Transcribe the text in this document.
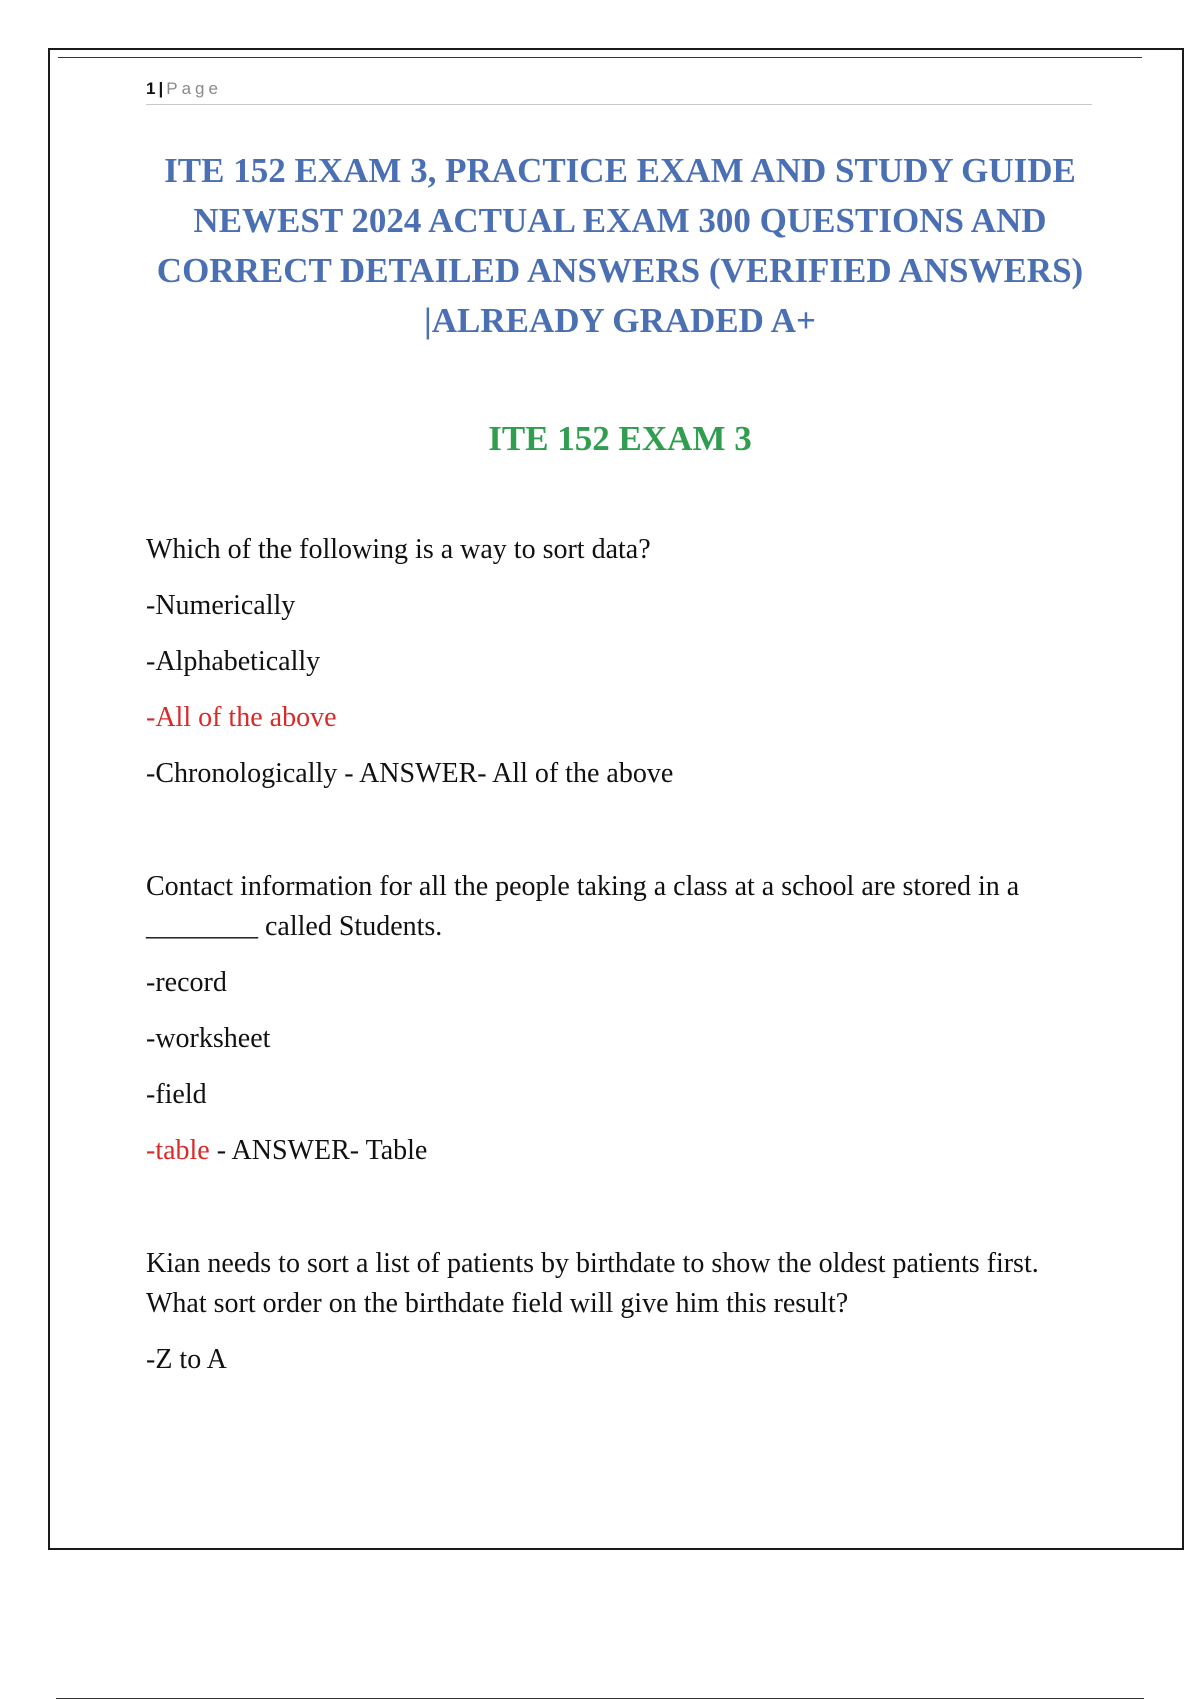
1 | Page
ITE 152 EXAM 3, PRACTICE EXAM AND STUDY GUIDE NEWEST 2024 ACTUAL EXAM 300 QUESTIONS AND CORRECT DETAILED ANSWERS (VERIFIED ANSWERS) |ALREADY GRADED A+
ITE 152 EXAM 3

Which of the following is a way to sort data?

-Numerically

-Alphabetically

-All of the above

-Chronologically - ANSWER- All of the above

Contact information for all the people taking a class at a school are stored in a ________ called Students.

-record

-worksheet

-field

-table - ANSWER- Table

Kian needs to sort a list of patients by birthdate to show the oldest patients first. What sort order on the birthdate field will give him this result?

-Z to A
